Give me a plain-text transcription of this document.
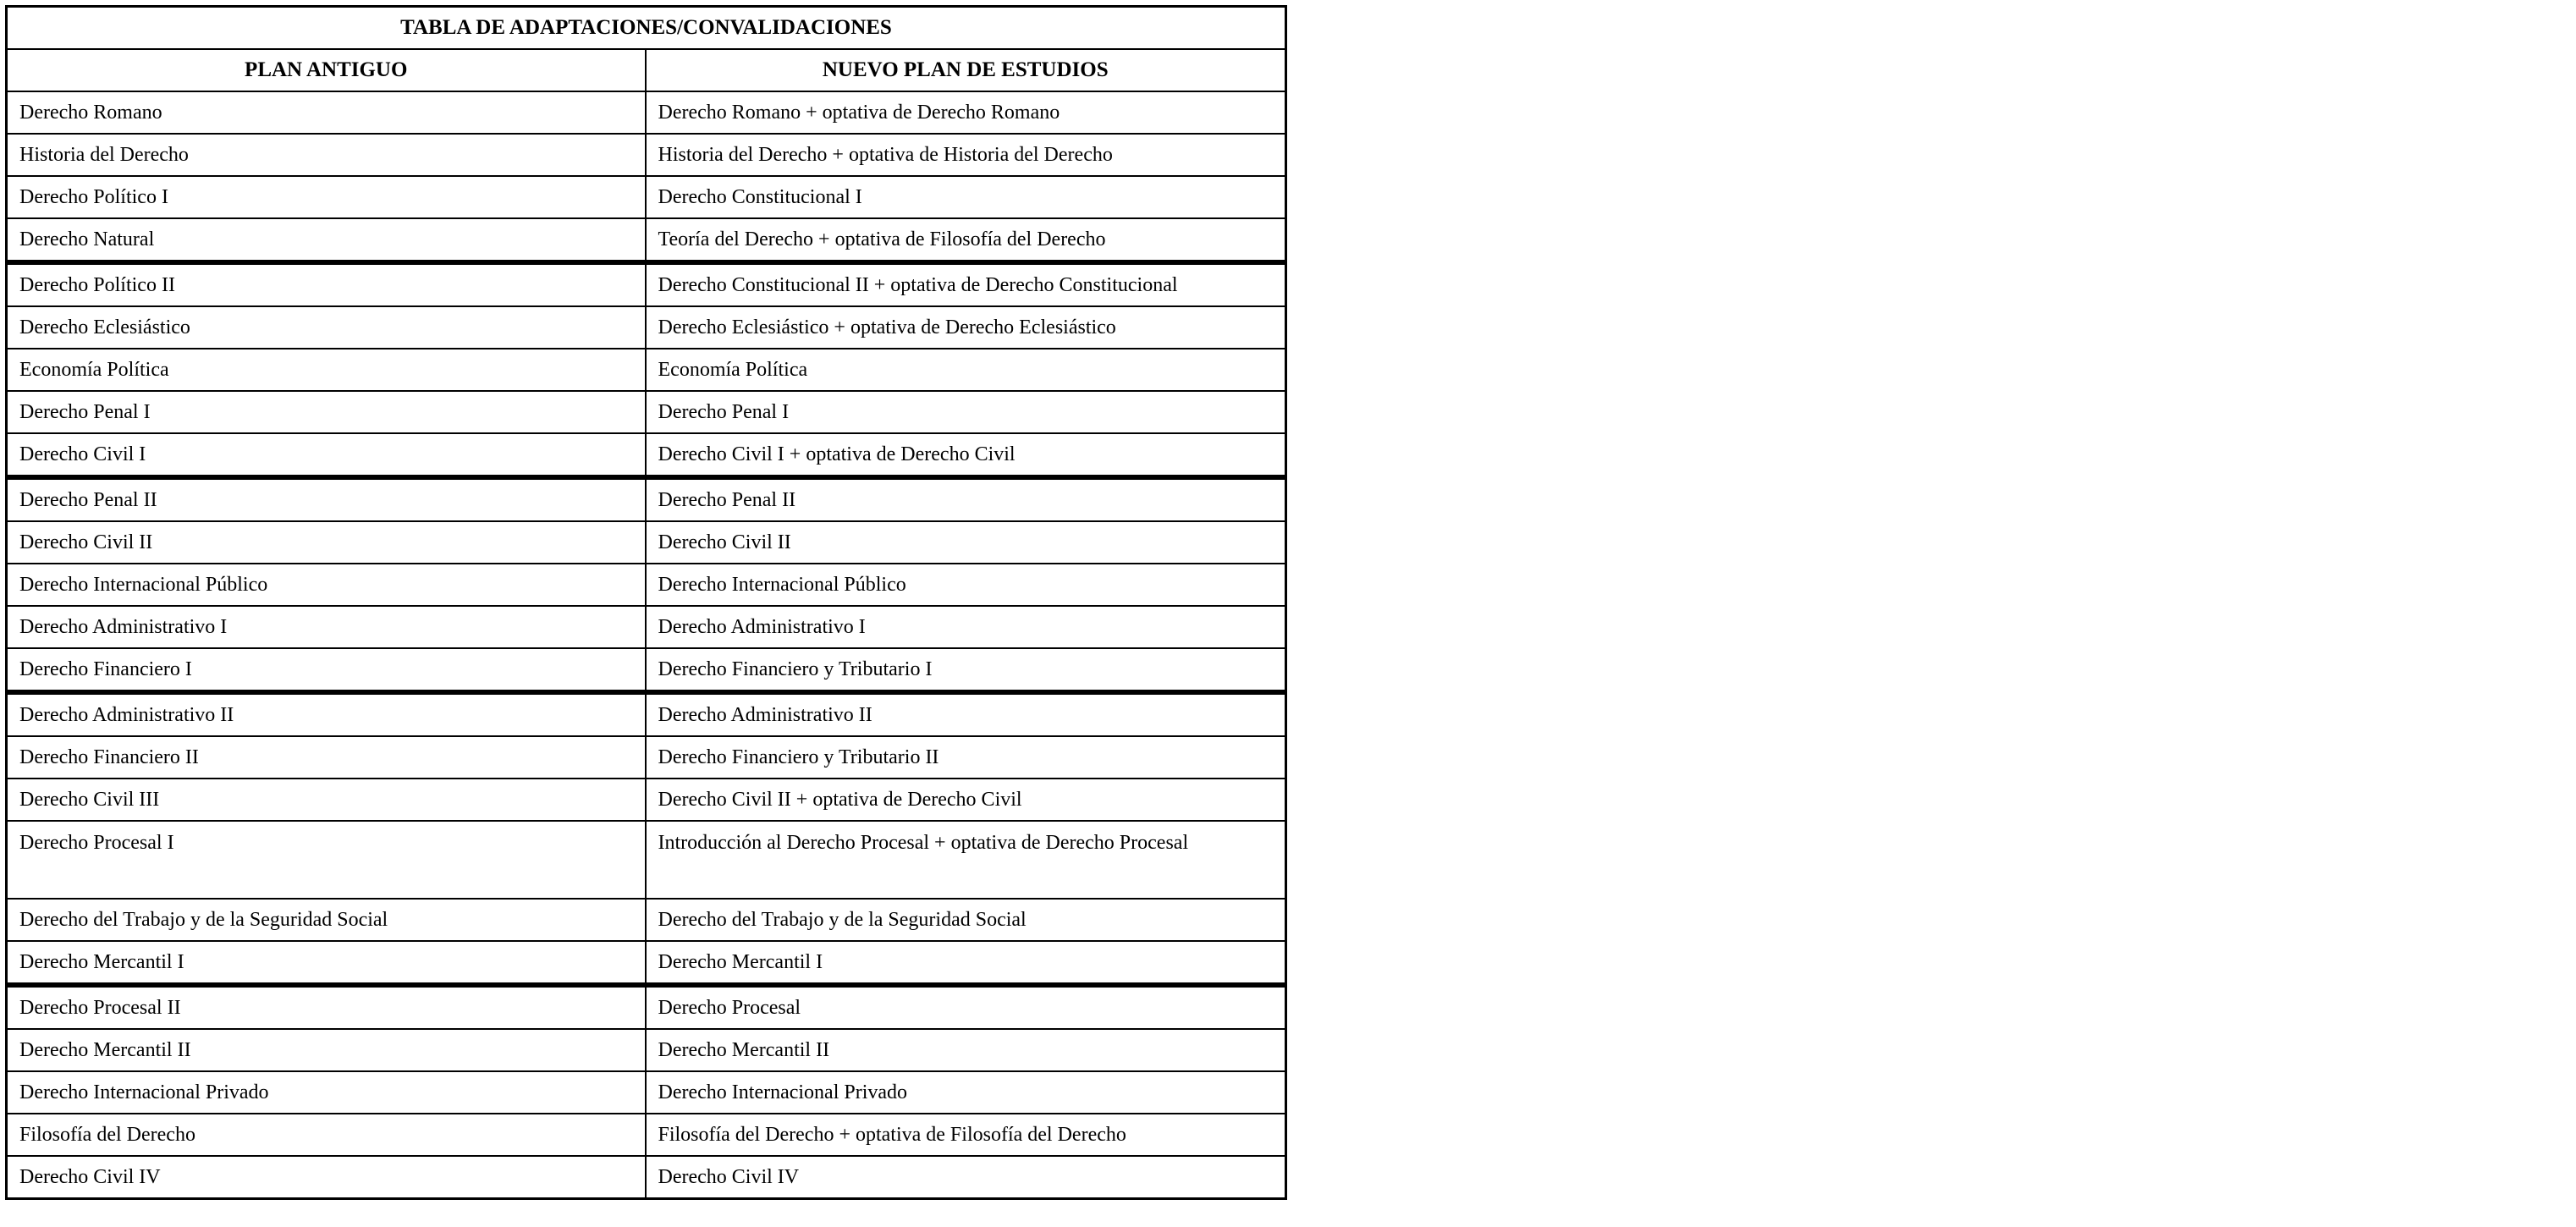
TABLA DE ADAPTACIONES/CONVALIDACIONES	
PLAN ANTIGUO	NUEVO PLAN DE ESTUDIOS
Derecho Romano	Derecho Romano + optativa de Derecho Romano
Historia del Derecho	Historia del Derecho + optativa de Historia del Derecho
Derecho Político I	Derecho Constitucional I
Derecho Natural	Teoría del Derecho + optativa de Filosofía del Derecho
Derecho Político II	Derecho Constitucional II + optativa de Derecho Constitucional
Derecho Eclesiástico	Derecho Eclesiástico + optativa de Derecho Eclesiástico
Economía Política	Economía Política
Derecho Penal I	Derecho Penal I
Derecho Civil I	Derecho Civil I + optativa de Derecho Civil
Derecho Penal II	Derecho Penal II
Derecho Civil II	Derecho Civil II
Derecho Internacional Público	Derecho Internacional Público
Derecho Administrativo I	Derecho Administrativo I
Derecho Financiero I	Derecho Financiero y Tributario I
Derecho Administrativo II	Derecho Administrativo II
Derecho Financiero II	Derecho Financiero y Tributario II
Derecho Civil III	Derecho Civil II + optativa de Derecho Civil
Derecho Procesal I	Introducción al Derecho Procesal + optativa de Derecho Procesal
Derecho del Trabajo y de la Seguridad Social	Derecho del Trabajo y de la Seguridad Social
Derecho Mercantil I	Derecho Mercantil I
Derecho Procesal II	Derecho Procesal
Derecho Mercantil II	Derecho Mercantil II
Derecho Internacional Privado	Derecho Internacional Privado
Filosofía del Derecho	Filosofía del Derecho + optativa de Filosofía del Derecho
Derecho Civil IV	Derecho Civil IV
